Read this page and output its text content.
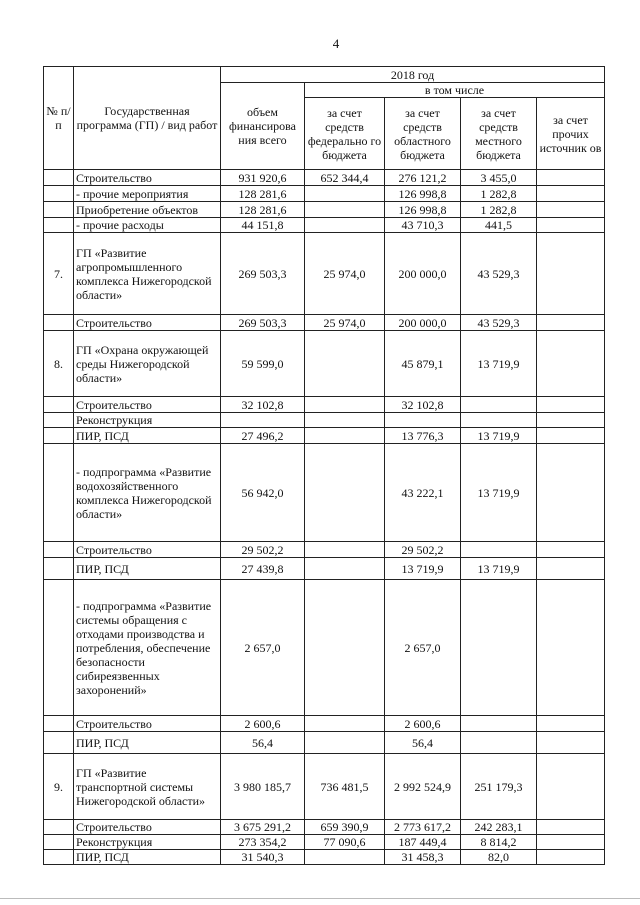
4
№ п/п	Государственная программа (ГП) / вид работ	2018 год				
		объем финансирова ния всего	в том числе			
			за счет средств федерально го бюджета	за счет средств областного бюджета	за счет средств местного бюджета	за счет прочих источник ов
	Строительство	931 920,6	652 344,4	276 121,2	3 455,0	
	- прочие мероприятия	128 281,6		126 998,8	1 282,8	
	Приобретение объектов	128 281,6		126 998,8	1 282,8	
	- прочие расходы	44 151,8		43 710,3	441,5	
7.	ГП «Развитие агропромышленного комплекса Нижегородской области»	269 503,3	25 974,0	200 000,0	43 529,3	
	Строительство	269 503,3	25 974,0	200 000,0	43 529,3	
8.	ГП «Охрана окружающей среды Нижегородской области»	59 599,0		45 879,1	13 719,9	
	Строительство	32 102,8		32 102,8		
	Реконструкция					
	ПИР, ПСД	27 496,2		13 776,3	13 719,9	
	- подпрограмма «Развитие водохозяйственного комплекса Нижегородской области»	56 942,0		43 222,1	13 719,9	
	Строительство	29 502,2		29 502,2		
	ПИР, ПСД	27 439,8		13 719,9	13 719,9	
	- подпрограмма «Развитие системы обращения с отходами производства и потребления, обеспечение безопасности сибиреязвенных захоронений»	2 657,0		2 657,0		
	Строительство	2 600,6		2 600,6		
	ПИР, ПСД	56,4		56,4		
9.	ГП «Развитие транспортной системы Нижегородской области»	3 980 185,7	736 481,5	2 992 524,9	251 179,3	
	Строительство	3 675 291,2	659 390,9	2 773 617,2	242 283,1	
	Реконструкция	273 354,2	77 090,6	187 449,4	8 814,2	
	ПИР, ПСД	31 540,3		31 458,3	82,0	
